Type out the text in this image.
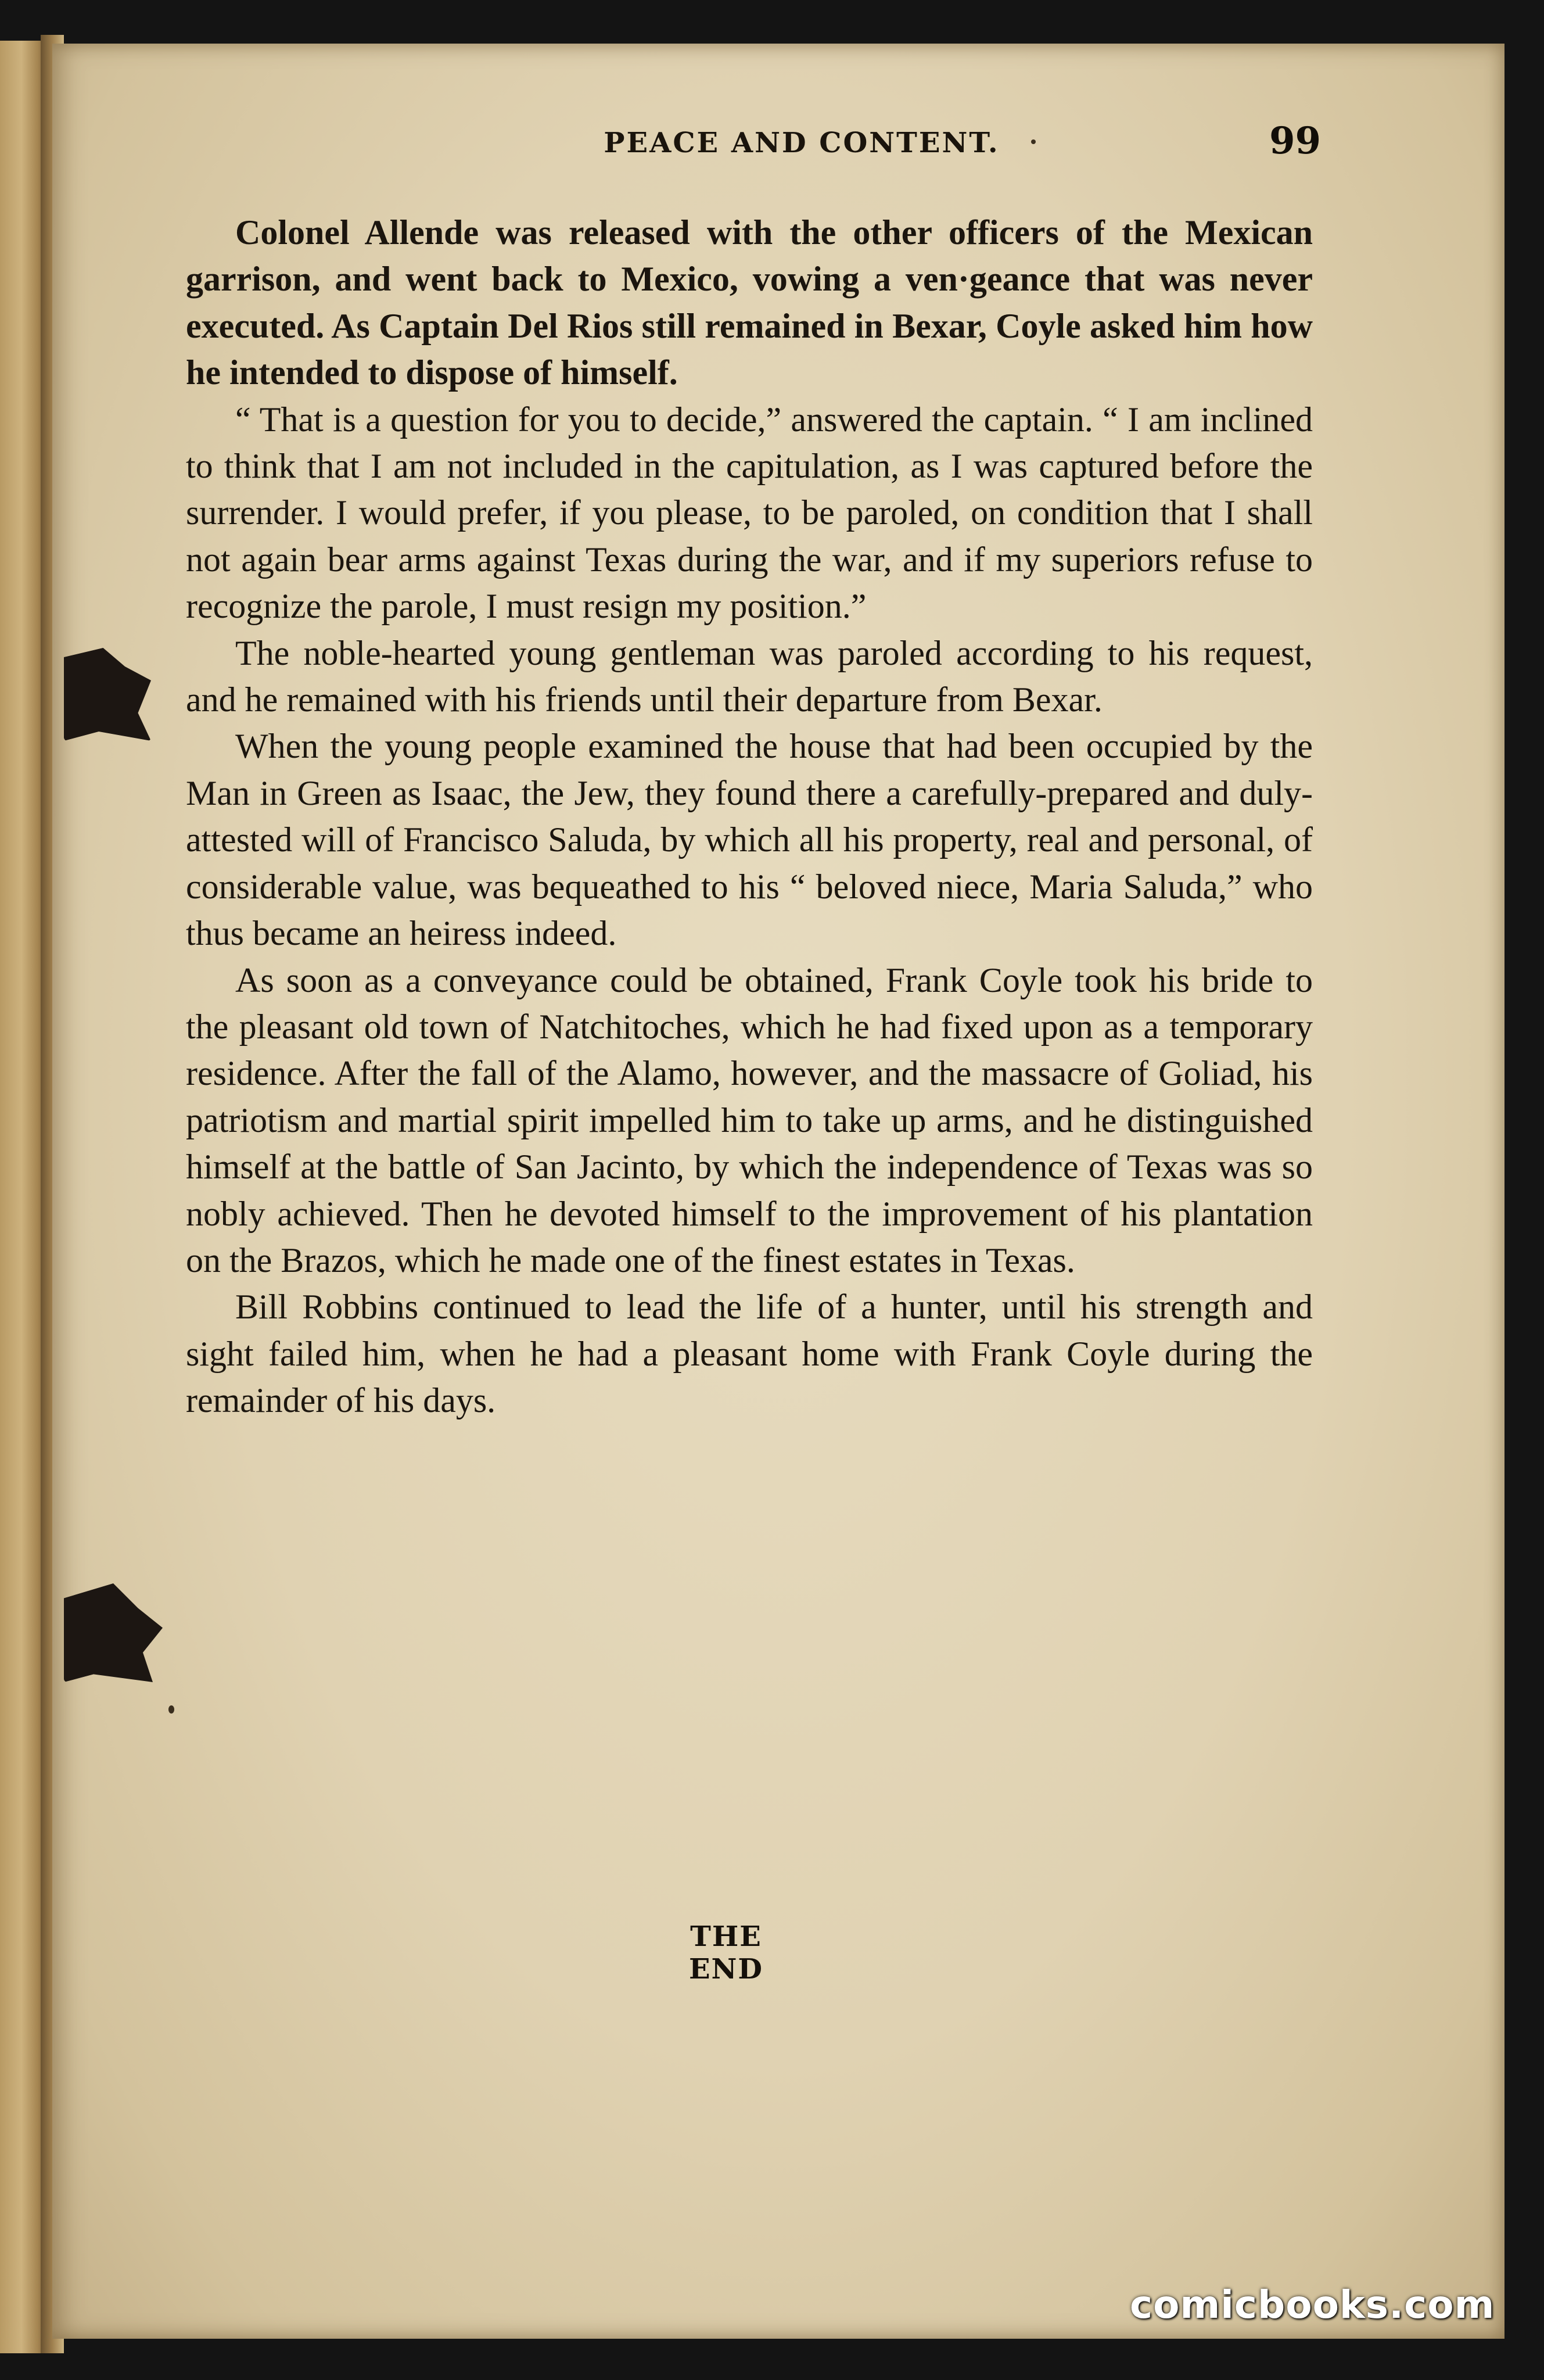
PEACE AND CONTENT.	99

Colonel Allende was released with the other officers of the Mexican garrison, and went back to Mexico, vowing a ven·geance that was never executed. As Captain Del Rios still remained in Bexar, Coyle asked him how he intended to dispose of himself.

“ That is a question for you to decide,” answered the captain. “ I am inclined to think that I am not included in the capitulation, as I was captured before the surrender. I would prefer, if you please, to be paroled, on condition that I shall not again bear arms against Texas during the war, and if my superiors refuse to recognize the parole, I must resign my position.”

The noble-hearted young gentleman was paroled according to his request, and he remained with his friends until their departure from Bexar.

When the young people examined the house that had been occupied by the Man in Green as Isaac, the Jew, they found there a carefully-prepared and duly-attested will of Francisco Saluda, by which all his property, real and personal, of considerable value, was bequeathed to his “ beloved niece, Maria Saluda,” who thus became an heiress indeed.

As soon as a conveyance could be obtained, Frank Coyle took his bride to the pleasant old town of Natchitoches, which he had fixed upon as a temporary residence. After the fall of the Alamo, however, and the massacre of Goliad, his patriotism and martial spirit impelled him to take up arms, and he distinguished himself at the battle of San Jacinto, by which the independence of Texas was so nobly achieved. Then he devoted himself to the improvement of his plantation on the Brazos, which he made one of the finest estates in Texas.

Bill Robbins continued to lead the life of a hunter, until his strength and sight failed him, when he had a pleasant home with Frank Coyle during the remainder of his days.

THE END
comicbooks.com
